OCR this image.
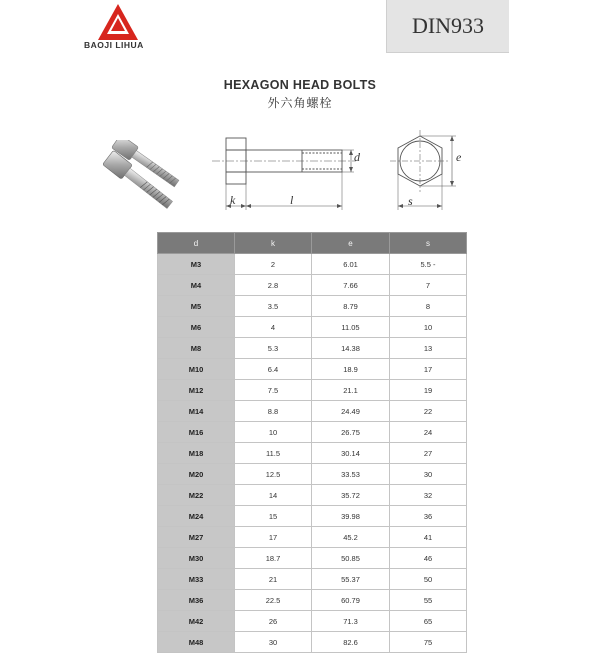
BAOJI LIHUA
DIN933
HEXAGON HEAD BOLTS
外六角螺栓
d
k	l
e
s
d	k	e	s
M3	2	6.01	5.5 -
M4	2.8	7.66	7
M5	3.5	8.79	8
M6	4	11.05	10
M8	5.3	14.38	13
M10	6.4	18.9	17
M12	7.5	21.1	19
M14	8.8	24.49	22
M16	10	26.75	24
M18	11.5	30.14	27
M20	12.5	33.53	30
M22	14	35.72	32
M24	15	39.98	36
M27	17	45.2	41
M30	18.7	50.85	46
M33	21	55.37	50
M36	22.5	60.79	55
M42	26	71.3	65
M48	30	82.6	75
